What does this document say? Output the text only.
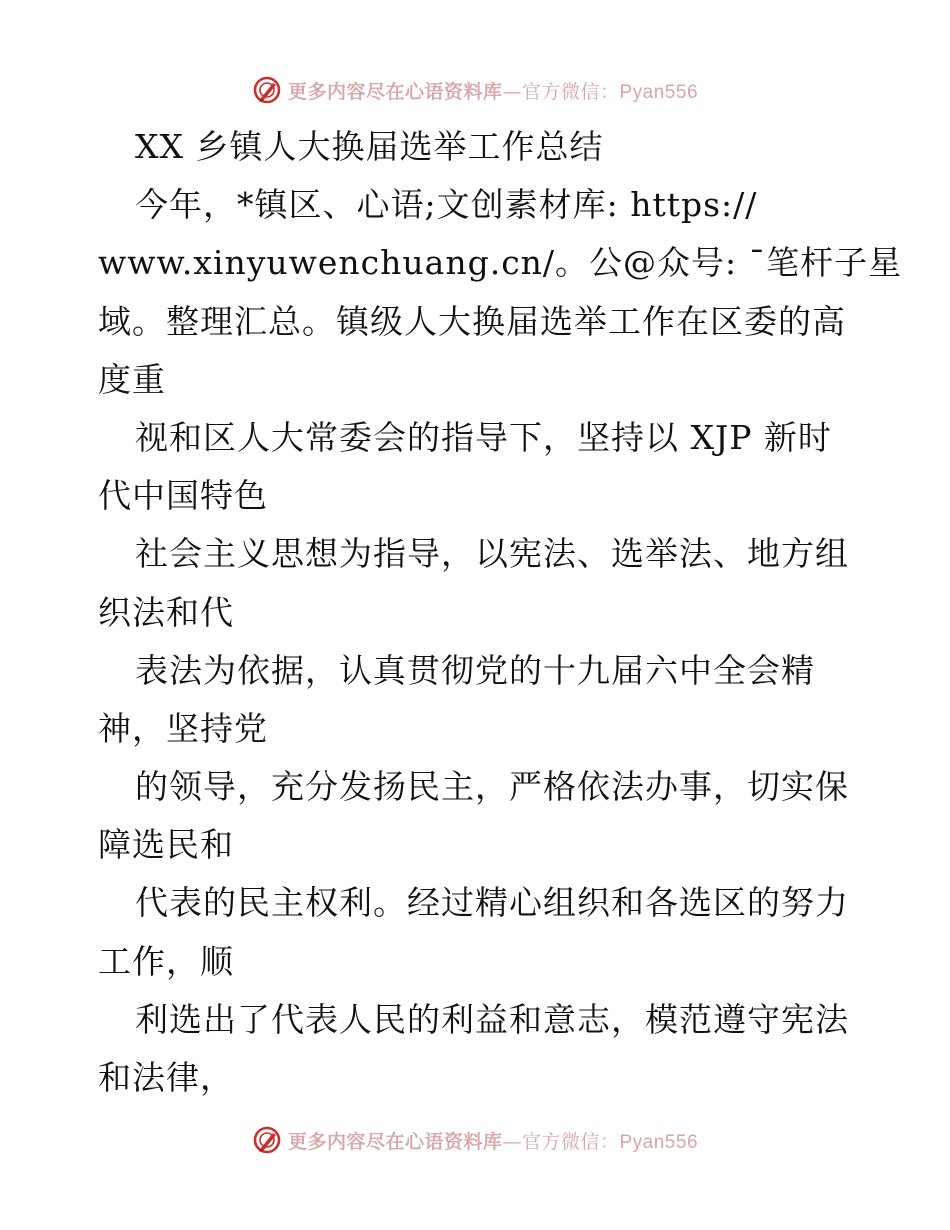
更多内容尽在心语资料库—官方微信：Pyan556
XX 乡镇人大换届选举工作总结
今年，*镇区、心语;文创素材库: https://
www.xinyuwenchuang.cn/。公@众号: ¯笔杆子星
域。整理汇总。镇级人大换届选举工作在区委的高
度重
视和区人大常委会的指导下，坚持以 XJP 新时
代中国特色
社会主义思想为指导，以宪法、选举法、地方组
织法和代
表法为依据，认真贯彻党的十九届六中全会精
神，坚持党
的领导，充分发扬民主，严格依法办事，切实保
障选民和
代表的民主权利。经过精心组织和各选区的努力
工作，顺
利选出了代表人民的利益和意志，模范遵守宪法
和法律，
更多内容尽在心语资料库—官方微信：Pyan556
